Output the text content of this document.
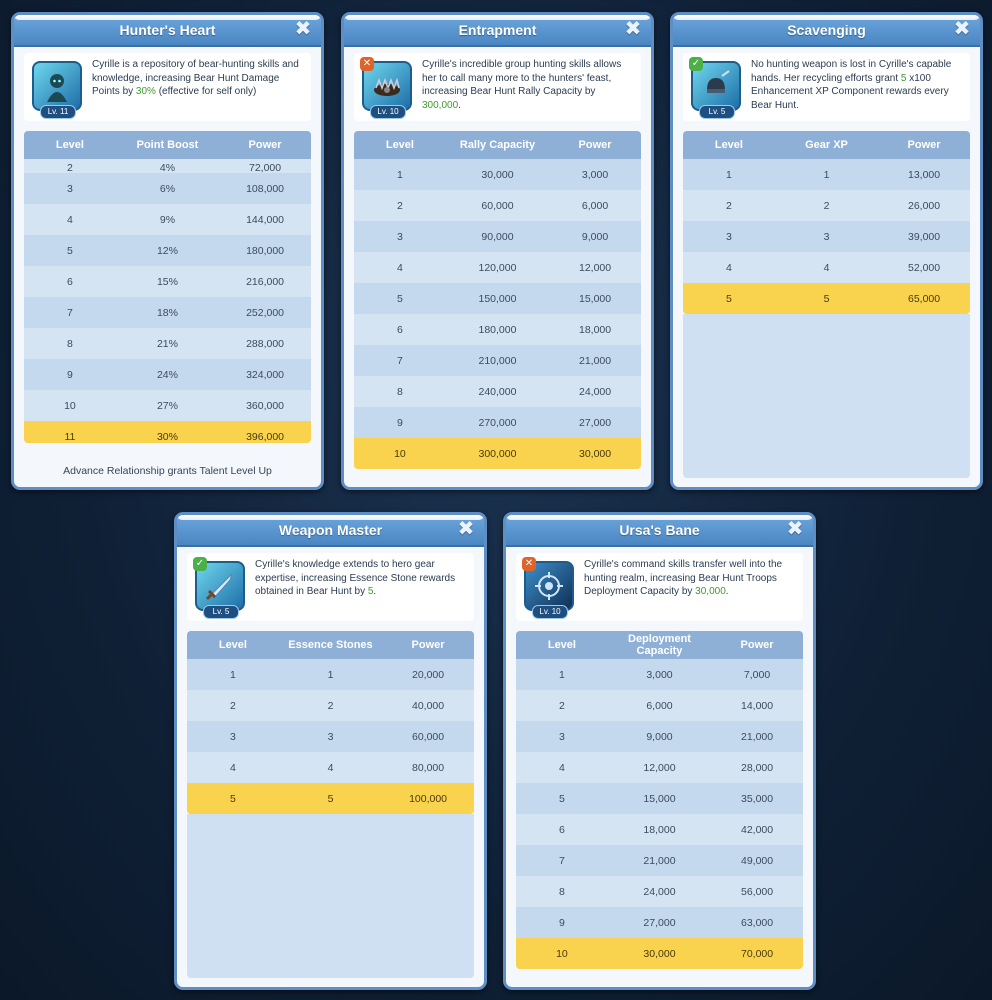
Hunter's Heart	✖
Lv. 11
Cyrille is a repository of bear-hunting skills and knowledge, increasing Bear Hunt Damage Points by 30% (effective for self only)
Level	Point Boost	Power
2	4%	72,000
3	6%	108,000
4	9%	144,000
5	12%	180,000
6	15%	216,000
7	18%	252,000
8	21%	288,000
9	24%	324,000
10	27%	360,000
11	30%	396,000
Advance Relationship grants Talent Level Up
Entrapment	✖
✕
Lv. 10
Cyrille's incredible group hunting skills allows her to call many more to the hunters' feast, increasing Bear Hunt Rally Capacity by 300,000.
Level	Rally Capacity	Power
1	30,000	3,000
2	60,000	6,000
3	90,000	9,000
4	120,000	12,000
5	150,000	15,000
6	180,000	18,000
7	210,000	21,000
8	240,000	24,000
9	270,000	27,000
10	300,000	30,000
Scavenging	✖
✓
Lv. 5
No hunting weapon is lost in Cyrille's capable hands. Her recycling efforts grant 5 x100 Enhancement XP Component rewards every Bear Hunt.
Level	Gear XP	Power
1	1	13,000
2	2	26,000
3	3	39,000
4	4	52,000
5	5	65,000
Weapon Master	✖
✓
Lv. 5
Cyrille's knowledge extends to hero gear expertise, increasing Essence Stone rewards obtained in Bear Hunt by 5.
Level	Essence Stones	Power
1	1	20,000
2	2	40,000
3	3	60,000
4	4	80,000
5	5	100,000
Ursa's Bane	✖
✕
Lv. 10
Cyrille's command skills transfer well into the hunting realm, increasing Bear Hunt Troops Deployment Capacity by 30,000.
Level	Deployment Capacity	Power
1	3,000	7,000
2	6,000	14,000
3	9,000	21,000
4	12,000	28,000
5	15,000	35,000
6	18,000	42,000
7	21,000	49,000
8	24,000	56,000
9	27,000	63,000
10	30,000	70,000
